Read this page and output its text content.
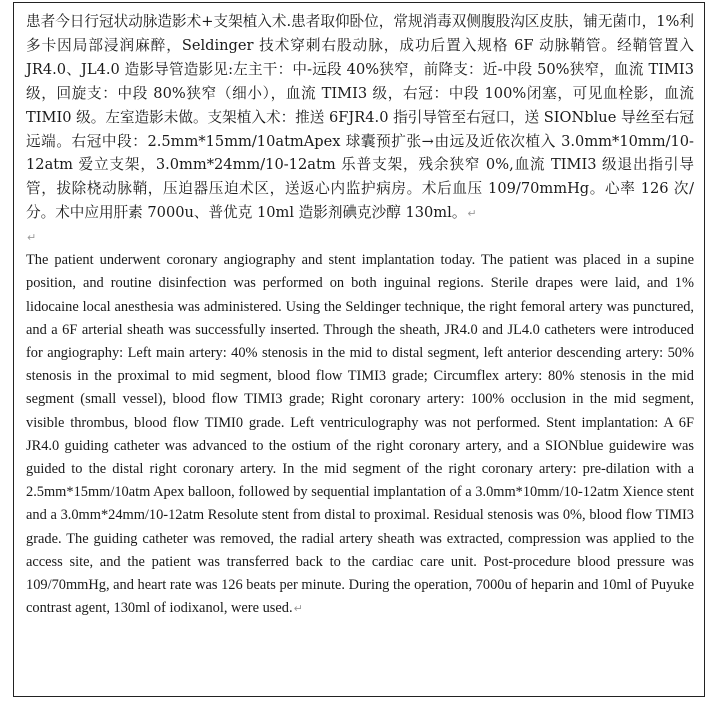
患者今日行冠状动脉造影术+支架植入术.患者取仰卧位，常规消毒双侧腹股沟区皮肤，铺无菌巾，1%利多卡因局部浸润麻醉，Seldinger 技术穿刺右股动脉，成功后置入规格 6F 动脉鞘管。经鞘管置入 JR4.0、JL4.0 造影导管造影见:左主干：中-远段 40%狭窄，前降支：近-中段 50%狭窄，血流 TIMI3 级，回旋支：中段 80%狭窄（细小），血流 TIMI3 级，右冠：中段 100%闭塞，可见血栓影，血流 TIMI0 级。左室造影未做。支架植入术：推送 6FJR4.0 指引导管至右冠口，送 SIONblue 导丝至右冠远端。右冠中段：2.5mm*15mm/10atmApex 球囊预扩张→由远及近依次植入 3.0mm*10mm/10-12atm 爱立支架，3.0mm*24mm/10-12atm 乐普支架，残余狭窄 0%,血流 TIMI3 级退出指引导管，拔除桡动脉鞘，压迫器压迫术区，送返心内监护病房。术后血压 109/70mmHg。心率 126 次/分。术中应用肝素 7000u、普优克 10ml 造影剂碘克沙醇 130ml。↵

↵

The patient underwent coronary angiography and stent implantation today. The patient was placed in a supine position, and routine disinfection was performed on both inguinal regions. Sterile drapes were laid, and 1% lidocaine local anesthesia was administered. Using the Seldinger technique, the right femoral artery was punctured, and a 6F arterial sheath was successfully inserted. Through the sheath, JR4.0 and JL4.0 catheters were introduced for angiography: Left main artery: 40% stenosis in the mid to distal segment, left anterior descending artery: 50% stenosis in the proximal to mid segment, blood flow TIMI3 grade; Circumflex artery: 80% stenosis in the mid segment (small vessel), blood flow TIMI3 grade; Right coronary artery: 100% occlusion in the mid segment, visible thrombus, blood flow TIMI0 grade. Left ventriculography was not performed. Stent implantation: A 6F JR4.0 guiding catheter was advanced to the ostium of the right coronary artery, and a SIONblue guidewire was guided to the distal right coronary artery. In the mid segment of the right coronary artery: pre-dilation with a 2.5mm*15mm/10atm Apex balloon, followed by sequential implantation of a 3.0mm*10mm/10-12atm Xience stent and a 3.0mm*24mm/10-12atm Resolute stent from distal to proximal. Residual stenosis was 0%, blood flow TIMI3 grade. The guiding catheter was removed, the radial artery sheath was extracted, compression was applied to the access site, and the patient was transferred back to the cardiac care unit. Post-procedure blood pressure was 109/70mmHg, and heart rate was 126 beats per minute. During the operation, 7000u of heparin and 10ml of Puyuke contrast agent, 130ml of iodixanol, were used.↵
